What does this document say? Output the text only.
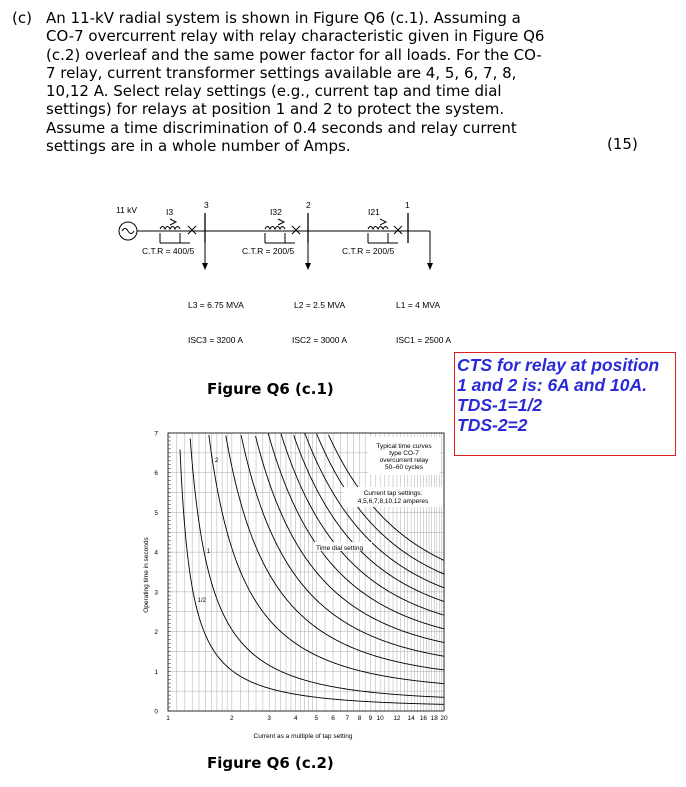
(c) An 11-kV radial system is shown in Figure Q6 (c.1). Assuming a
CO-7 overcurrent relay with relay characteristic given in Figure Q6
(c.2) overleaf and the same power factor for all loads. For the CO-
7 relay, current transformer settings available are 4, 5, 6, 7, 8,
10,12 A. Select relay settings (e.g., current tap and time dial
settings) for relays at position 1 and 2 to protect the system.
Assume a time discrimination of 0.4 seconds and relay current
settings are in a whole number of Amps.	(15)
11 kV	3	2	1
I3	I32	I21
C.T.R = 400/5	C.T.R = 200/5	C.T.R = 200/5
L3 = 6.75 MVA	L2 = 2.5 MVA	L1 = 4 MVA
ISC3 = 3200 A	ISC2 = 3000 A	ISC1 = 2500 A
Figure Q6 (c.1)
CTS for relay at position
1 and 2 is: 6A and 10A.
TDS-1=1/2
TDS-2=2
1/2
1
2
0
1
2
3
4
5
6
7
1	2	3	4	5 6 7 8 9 10 12 14 16 18 20
Typical time curves
type CO-7
overcurrent relay
50–60 cycles
Current tap settings:
4,5,6,7,8,10,12 amperes
Time dial setting
Current as a multiple of tap setting
Operating time in seconds
Figure Q6 (c.2)
